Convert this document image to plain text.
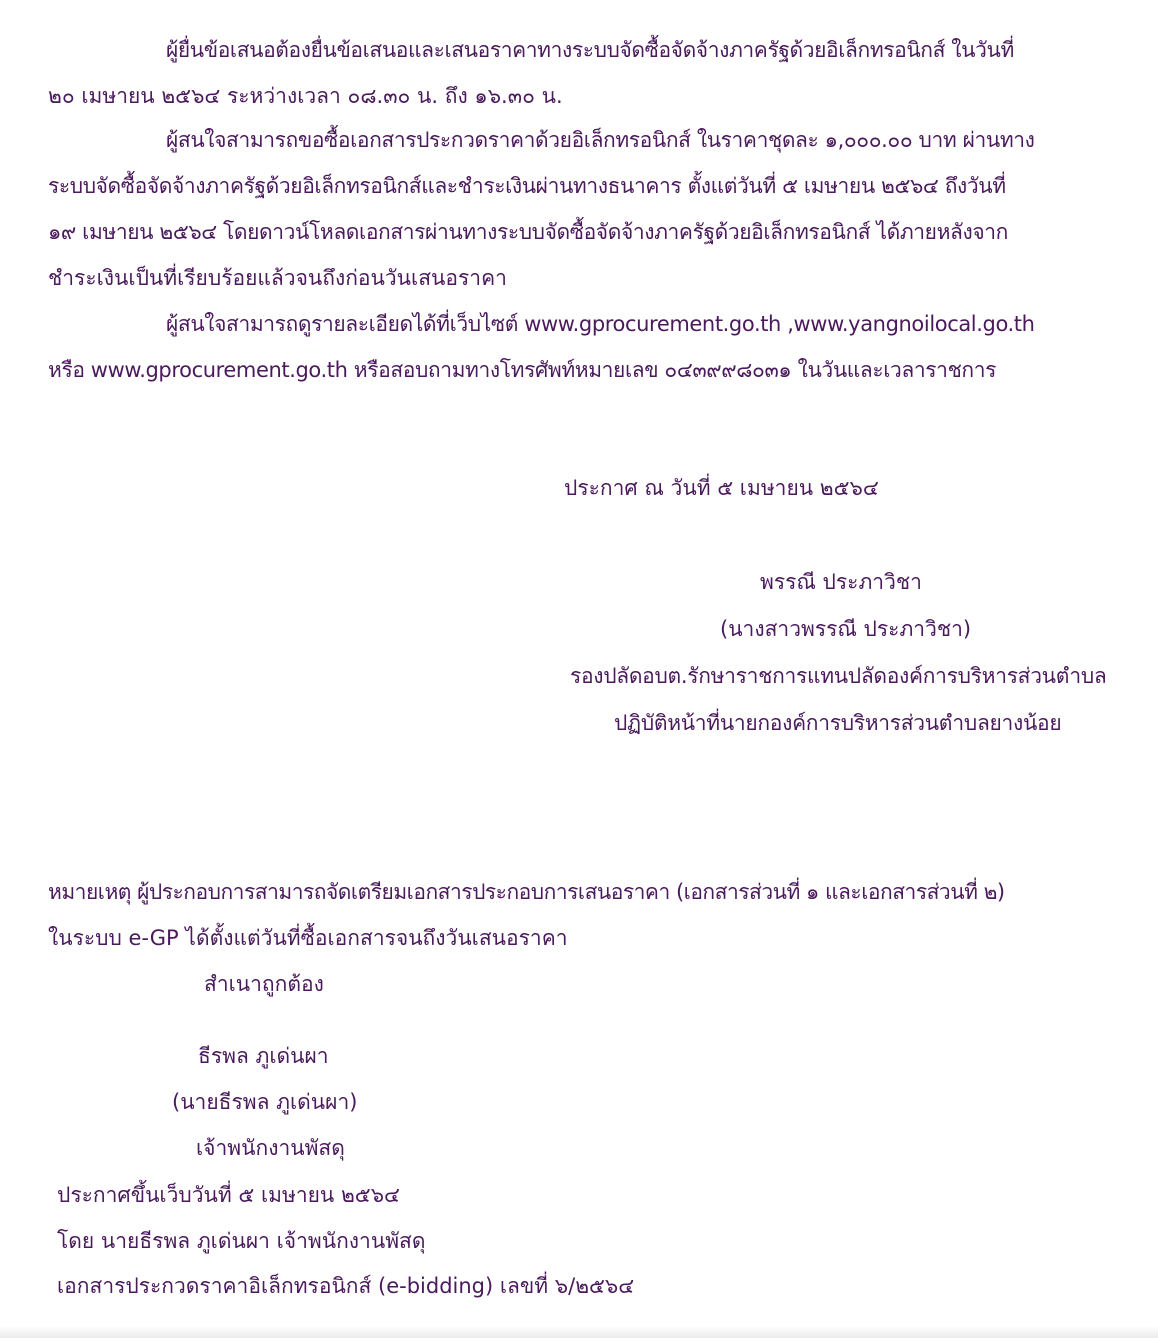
ผู้ยื่นข้อเสนอต้องยื่นข้อเสนอและเสนอราคาทางระบบจัดซื้อจัดจ้างภาครัฐด้วยอิเล็กทรอนิกส์ ในวันที่

๒๐ เมษายน ๒๕๖๔ ระหว่างเวลา ๐๘.๓๐ น. ถึง ๑๖.๓๐ น.

ผู้สนใจสามารถขอซื้อเอกสารประกวดราคาด้วยอิเล็กทรอนิกส์ ในราคาชุดละ ๑,๐๐๐.๐๐ บาท ผ่านทาง

ระบบจัดซื้อจัดจ้างภาครัฐด้วยอิเล็กทรอนิกส์และชำระเงินผ่านทางธนาคาร ตั้งแต่วันที่ ๕ เมษายน ๒๕๖๔ ถึงวันที่

๑๙ เมษายน ๒๕๖๔ โดยดาวน์โหลดเอกสารผ่านทางระบบจัดซื้อจัดจ้างภาครัฐด้วยอิเล็กทรอนิกส์ ได้ภายหลังจาก

ชำระเงินเป็นที่เรียบร้อยแล้วจนถึงก่อนวันเสนอราคา

ผู้สนใจสามารถดูรายละเอียดได้ที่เว็บไซต์ www.gprocurement.go.th ,www.yangnoilocal.go.th

หรือ www.gprocurement.go.th หรือสอบถามทางโทรศัพท์หมายเลข ๐๔๓๙๙๘๐๓๑ ในวันและเวลาราชการ

ประกาศ ณ วันที่ ๕ เมษายน ๒๕๖๔

พรรณี ประภาวิชา

(นางสาวพรรณี ประภาวิชา)

รองปลัดอบต.รักษาราชการแทนปลัดองค์การบริหารส่วนตำบล

ปฏิบัติหน้าที่นายกองค์การบริหารส่วนตำบลยางน้อย

หมายเหตุ ผู้ประกอบการสามารถจัดเตรียมเอกสารประกอบการเสนอราคา (เอกสารส่วนที่ ๑ และเอกสารส่วนที่ ๒)

ในระบบ e-GP ได้ตั้งแต่วันที่ซื้อเอกสารจนถึงวันเสนอราคา

สำเนาถูกต้อง

ธีรพล ภูเด่นผา

(นายธีรพล ภูเด่นผา)

เจ้าพนักงานพัสดุ

ประกาศขึ้นเว็บวันที่ ๕ เมษายน ๒๕๖๔

โดย นายธีรพล ภูเด่นผา เจ้าพนักงานพัสดุ

เอกสารประกวดราคาอิเล็กทรอนิกส์ (e-bidding) เลขที่ ๖/๒๕๖๔
